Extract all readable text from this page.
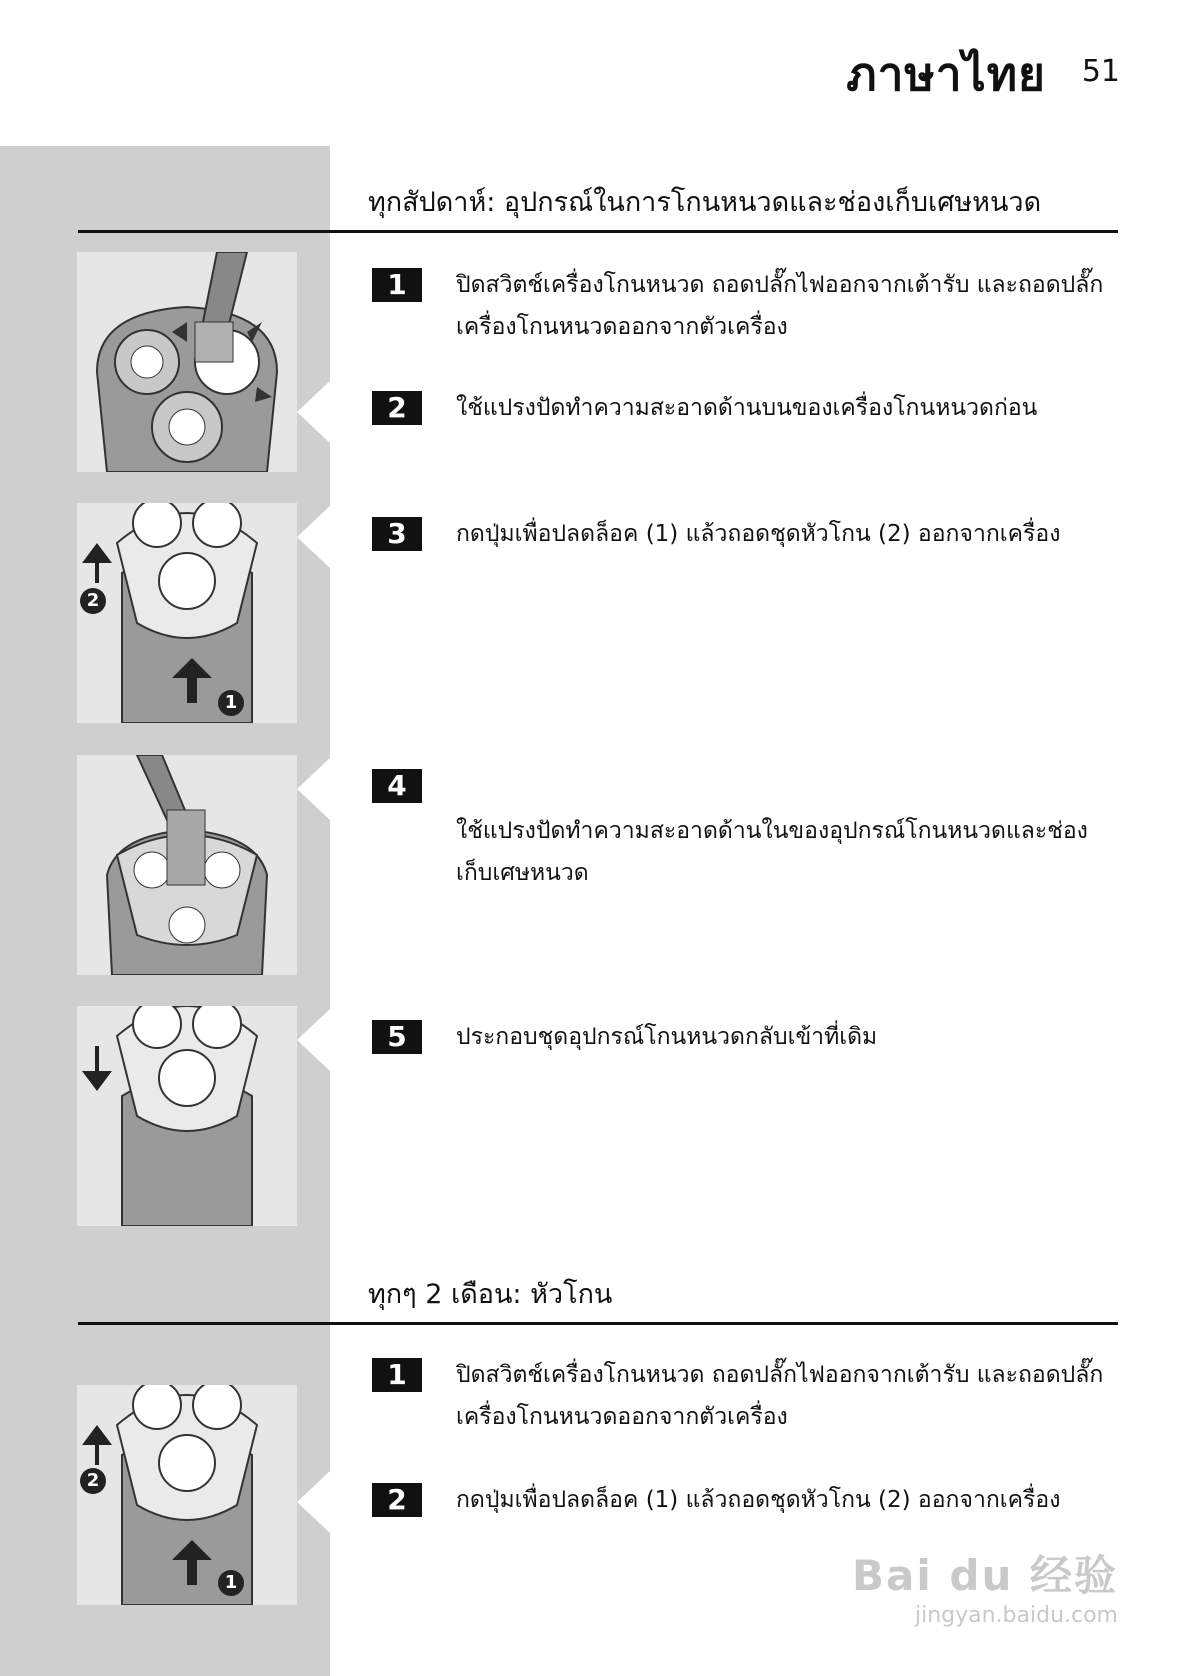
ภาษาไทย 51
ทุกสัปดาห์: อุปกรณ์ในการโกนหนวดและช่องเก็บเศษหนวด
2
1
1	ปิดสวิตช์เครื่องโกนหนวด ถอดปลั๊กไฟออกจากเต้ารับ และถอดปลั๊กเครื่องโกนหนวดออกจากตัวเครื่อง
2	ใช้แปรงปัดทำความสะอาดด้านบนของเครื่องโกนหนวดก่อน
3	กดปุ่มเพื่อปลดล็อค (1) แล้วถอดชุดหัวโกน (2) ออกจากเครื่อง
4
ใช้แปรงปัดทำความสะอาดด้านในของอุปกรณ์โกนหนวดและช่องเก็บเศษหนวด
5	ประกอบชุดอุปกรณ์โกนหนวดกลับเข้าที่เดิม
ทุกๆ 2 เดือน: หัวโกน
2
1
1	ปิดสวิตช์เครื่องโกนหนวด ถอดปลั๊กไฟออกจากเต้ารับ และถอดปลั๊กเครื่องโกนหนวดออกจากตัวเครื่อง
2	กดปุ่มเพื่อปลดล็อค (1) แล้วถอดชุดหัวโกน (2) ออกจากเครื่อง
Bai du 经验
jingyan.baidu.com
